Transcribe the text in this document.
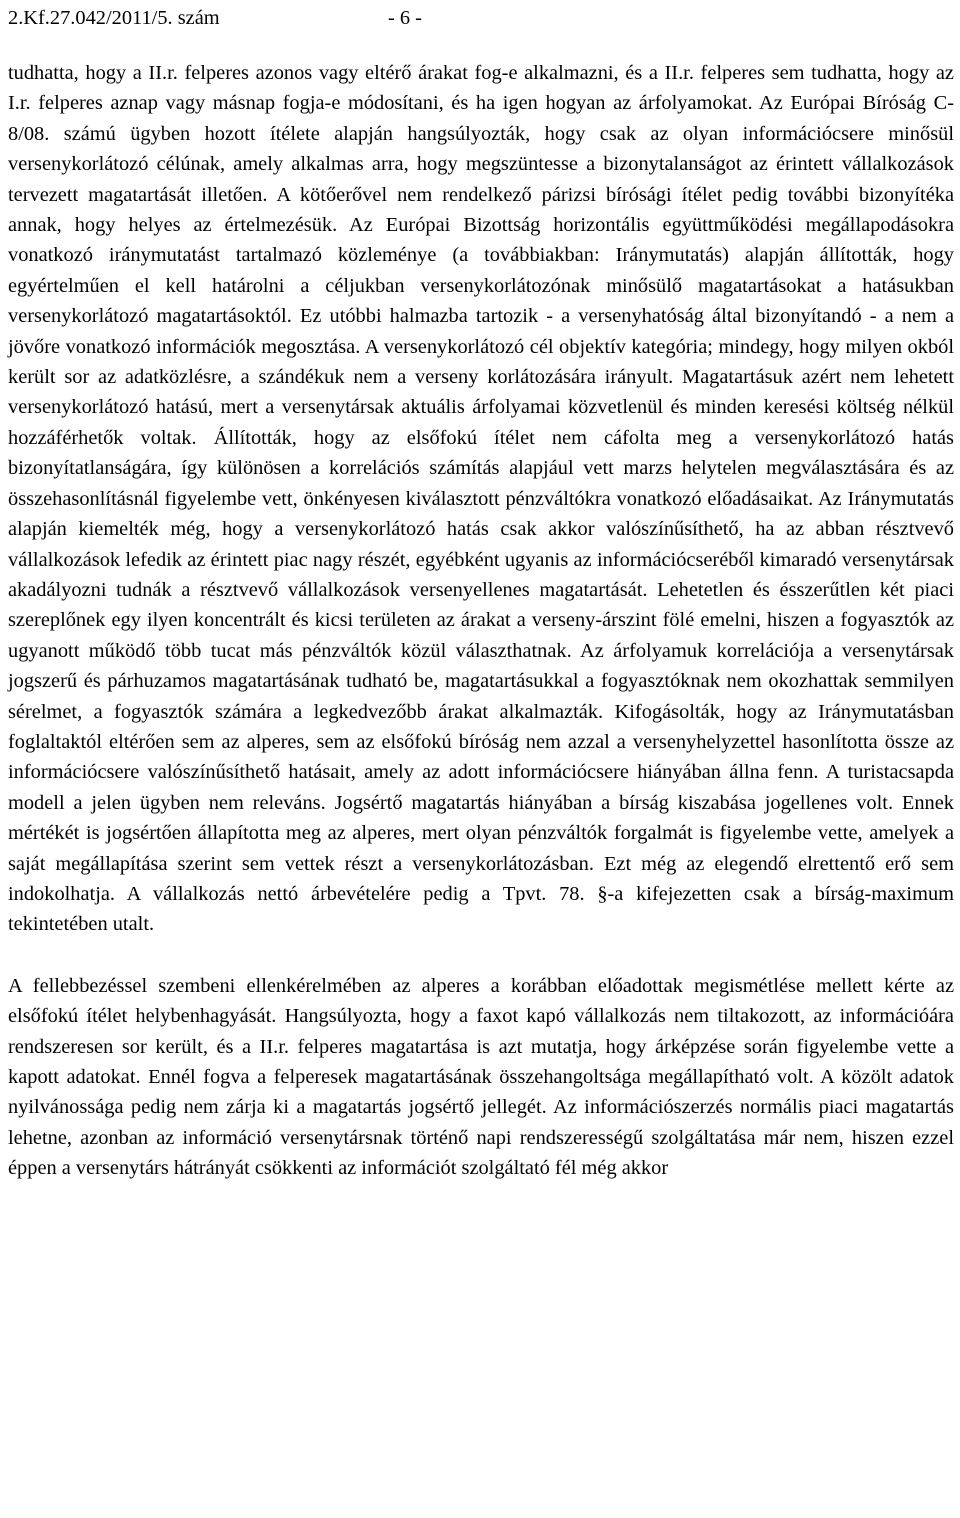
2.Kf.27.042/2011/5. szám	- 6 -

tudhatta, hogy a II.r. felperes azonos vagy eltérő árakat fog-e alkalmazni, és a II.r. felperes sem tudhatta, hogy az I.r. felperes aznap vagy másnap fogja-e módosítani, és ha igen hogyan az árfolyamokat. Az Európai Bíróság C-8/08. számú ügyben hozott ítélete alapján hangsúlyozták, hogy csak az olyan információcsere minősül versenykorlátozó célúnak, amely alkalmas arra, hogy megszüntesse a bizonytalanságot az érintett vállalkozások tervezett magatartását illetően. A kötőerővel nem rendelkező párizsi bírósági ítélet pedig további bizonyítéka annak, hogy helyes az értelmezésük. Az Európai Bizottság horizontális együttműködési megállapodásokra vonatkozó iránymutatást tartalmazó közleménye (a továbbiakban: Iránymutatás) alapján állították, hogy egyértelműen el kell határolni a céljukban versenykorlátozónak minősülő magatartásokat a hatásukban versenykorlátozó magatartásoktól. Ez utóbbi halmazba tartozik - a versenyhatóság által bizonyítandó - a nem a jövőre vonatkozó információk megosztása. A versenykorlátozó cél objektív kategória; mindegy, hogy milyen okból került sor az adatközlésre, a szándékuk nem a verseny korlátozására irányult. Magatartásuk azért nem lehetett versenykorlátozó hatású, mert a versenytársak aktuális árfolyamai közvetlenül és minden keresési költség nélkül hozzáférhetők voltak. Állították, hogy az elsőfokú ítélet nem cáfolta meg a versenykorlátozó hatás bizonyítatlanságára, így különösen a korrelációs számítás alapjául vett marzs helytelen megválasztására és az összehasonlításnál figyelembe vett, önkényesen kiválasztott pénzváltókra vonatkozó előadásaikat. Az Iránymutatás alapján kiemelték még, hogy a versenykorlátozó hatás csak akkor valószínűsíthető, ha az abban résztvevő vállalkozások lefedik az érintett piac nagy részét, egyébként ugyanis az információcseréből kimaradó versenytársak akadályozni tudnák a résztvevő vállalkozások versenyellenes magatartását. Lehetetlen és ésszerűtlen két piaci szereplőnek egy ilyen koncentrált és kicsi területen az árakat a verseny-árszint fölé emelni, hiszen a fogyasztók az ugyanott működő több tucat más pénzváltók közül választhatnak. Az árfolyamuk korrelációja a versenytársak jogszerű és párhuzamos magatartásának tudható be, magatartásukkal a fogyasztóknak nem okozhattak semmilyen sérelmet, a fogyasztók számára a legkedvezőbb árakat alkalmazták. Kifogásolták, hogy az Iránymutatásban foglaltaktól eltérően sem az alperes, sem az elsőfokú bíróság nem azzal a versenyhelyzettel hasonlította össze az információcsere valószínűsíthető hatásait, amely az adott információcsere hiányában állna fenn. A turistacsapda modell a jelen ügyben nem releváns. Jogsértő magatartás hiányában a bírság kiszabása jogellenes volt. Ennek mértékét is jogsértően állapította meg az alperes, mert olyan pénzváltók forgalmát is figyelembe vette, amelyek a saját megállapítása szerint sem vettek részt a versenykorlátozásban. Ezt még az elegendő elrettentő erő sem indokolhatja. A vállalkozás nettó árbevételére pedig a Tpvt. 78. §-a kifejezetten csak a bírság-maximum tekintetében utalt.

A fellebbezéssel szembeni ellenkérelmében az alperes a korábban előadottak megismétlése mellett kérte az elsőfokú ítélet helybenhagyását. Hangsúlyozta, hogy a faxot kapó vállalkozás nem tiltakozott, az információára rendszeresen sor került, és a II.r. felperes magatartása is azt mutatja, hogy árképzése során figyelembe vette a kapott adatokat. Ennél fogva a felperesek magatartásának összehangoltsága megállapítható volt. A közölt adatok nyilvánossága pedig nem zárja ki a magatartás jogsértő jellegét. Az információszerzés normális piaci magatartás lehetne, azonban az információ versenytársnak történő napi rendszerességű szolgáltatása már nem, hiszen ezzel éppen a versenytárs hátrányát csökkenti az információt szolgáltató fél még akkor
